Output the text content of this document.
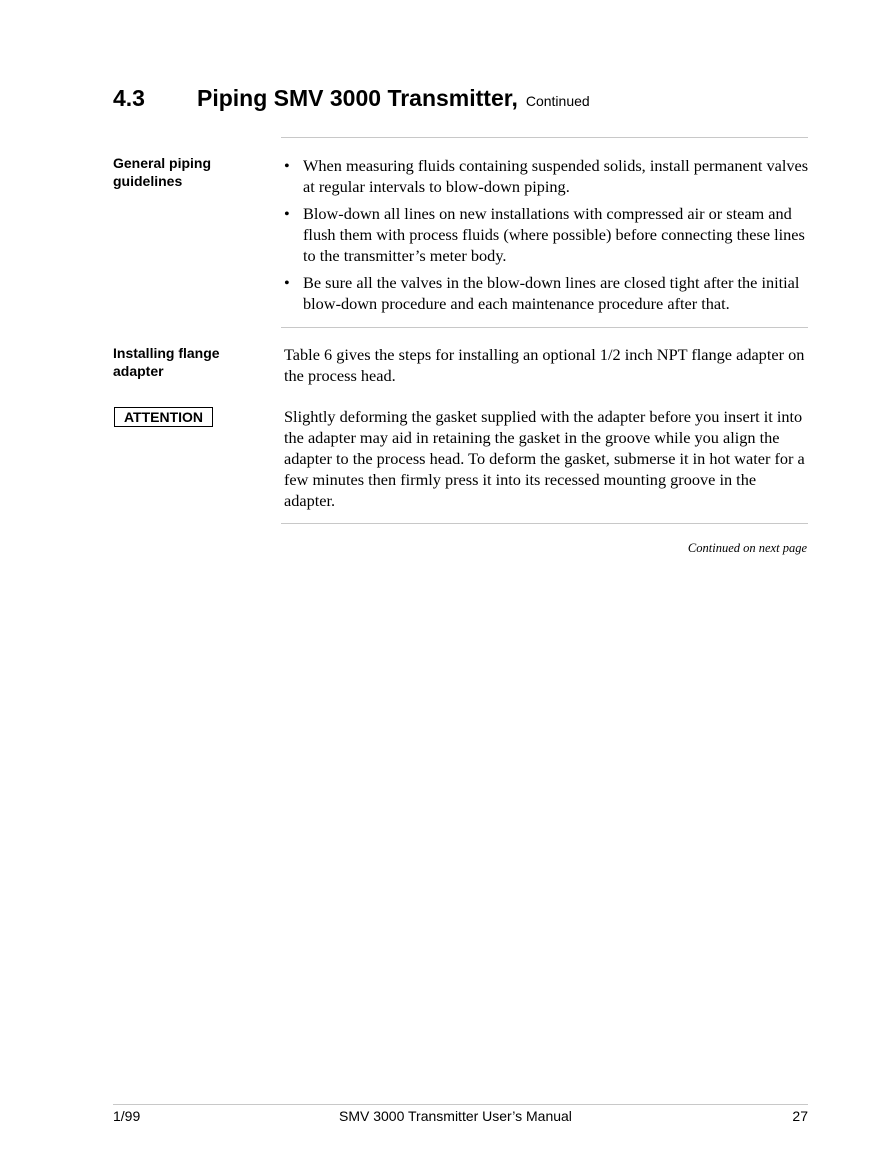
4.3 Piping SMV 3000 Transmitter, Continued
General piping guidelines
• When measuring fluids containing suspended solids, install permanent valves at regular intervals to blow-down piping.
• Blow-down all lines on new installations with compressed air or steam and flush them with process fluids (where possible) before connecting these lines to the transmitter’s meter body.
• Be sure all the valves in the blow-down lines are closed tight after the initial blow-down procedure and each maintenance procedure after that.
Installing flange adapter

Table 6 gives the steps for installing an optional 1/2 inch NPT flange adapter on the process head.

ATTENTION	Slightly deforming the gasket supplied with the adapter before you insert it into the adapter may aid in retaining the gasket in the groove while you align the adapter to the process head. To deform the gasket, submerse it in hot water for a few minutes then firmly press it into its recessed mounting groove in the adapter.

Continued on next page
1/99	SMV 3000 Transmitter User’s Manual	27
